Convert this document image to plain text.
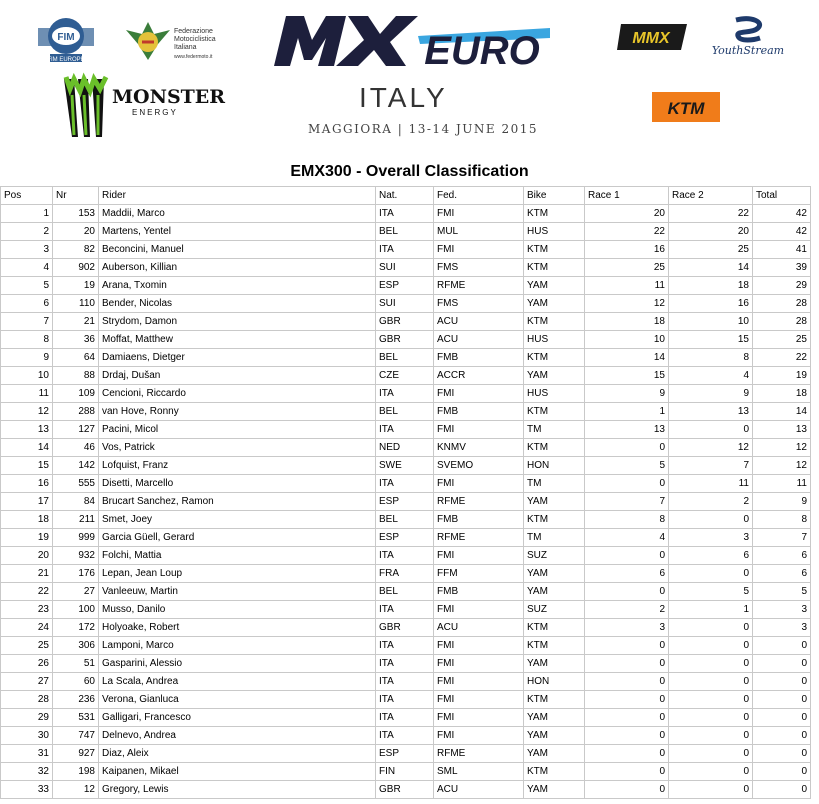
FIM
FIM EUROPE
Federazione
Motociclistica
Italiana
www.federmoto.it
MONSTER
ENERGY
EURO
ITALY
MAGGIORA | 13-14 JUNE 2015
MMX
YouthStream
KTM
EMX300 - Overall Classification
Pos	Nr	Rider	Nat.	Fed.	Bike	Race 1	Race 2	Total
1	153	Maddii, Marco	ITA	FMI	KTM	20	22	42
2	20	Martens, Yentel	BEL	MUL	HUS	22	20	42
3	82	Beconcini, Manuel	ITA	FMI	KTM	16	25	41
4	902	Auberson, Killian	SUI	FMS	KTM	25	14	39
5	19	Arana, Txomin	ESP	RFME	YAM	11	18	29
6	110	Bender, Nicolas	SUI	FMS	YAM	12	16	28
7	21	Strydom, Damon	GBR	ACU	KTM	18	10	28
8	36	Moffat, Matthew	GBR	ACU	HUS	10	15	25
9	64	Damiaens, Dietger	BEL	FMB	KTM	14	8	22
10	88	Drdaj, Dušan	CZE	ACCR	YAM	15	4	19
11	109	Cencioni, Riccardo	ITA	FMI	HUS	9	9	18
12	288	van Hove, Ronny	BEL	FMB	KTM	1	13	14
13	127	Pacini, Micol	ITA	FMI	TM	13	0	13
14	46	Vos, Patrick	NED	KNMV	KTM	0	12	12
15	142	Lofquist, Franz	SWE	SVEMO	HON	5	7	12
16	555	Disetti, Marcello	ITA	FMI	TM	0	11	11
17	84	Brucart Sanchez, Ramon	ESP	RFME	YAM	7	2	9
18	211	Smet, Joey	BEL	FMB	KTM	8	0	8
19	999	Garcia Güell, Gerard	ESP	RFME	TM	4	3	7
20	932	Folchi, Mattia	ITA	FMI	SUZ	0	6	6
21	176	Lepan, Jean Loup	FRA	FFM	YAM	6	0	6
22	27	Vanleeuw, Martin	BEL	FMB	YAM	0	5	5
23	100	Musso, Danilo	ITA	FMI	SUZ	2	1	3
24	172	Holyoake, Robert	GBR	ACU	KTM	3	0	3
25	306	Lamponi, Marco	ITA	FMI	KTM	0	0	0
26	51	Gasparini, Alessio	ITA	FMI	YAM	0	0	0
27	60	La Scala, Andrea	ITA	FMI	HON	0	0	0
28	236	Verona, Gianluca	ITA	FMI	KTM	0	0	0
29	531	Galligari, Francesco	ITA	FMI	YAM	0	0	0
30	747	Delnevo, Andrea	ITA	FMI	YAM	0	0	0
31	927	Diaz, Aleix	ESP	RFME	YAM	0	0	0
32	198	Kaipanen, Mikael	FIN	SML	KTM	0	0	0
33	12	Gregory, Lewis	GBR	ACU	YAM	0	0	0
